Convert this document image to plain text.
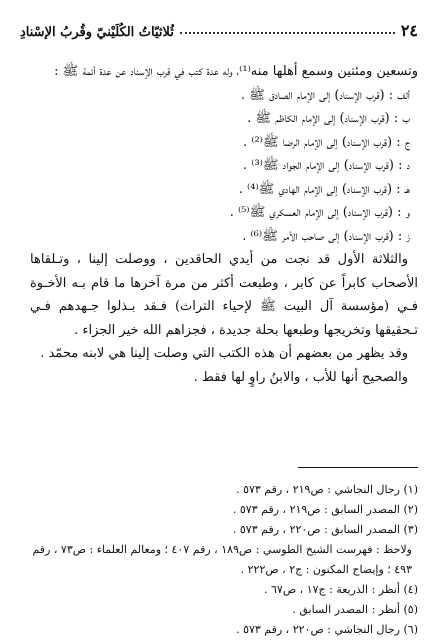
٢٤
ثُلاثيّاتُ الكُلَيْنيّ وقُربُ الإسْنادِ

وتسعين ومئتين وسمع أهلها منه⁽¹⁾، وله عدة كتب في قرب الإسناد عن عدة أئمة ﷺ :

ألف : (قرب الإسناد) إلى الإمام الصادق ﷺ .
ب : (قرب الإسناد) إلى الإمام الكاظم ﷺ .
ج : (قرب الإسناد) إلى الإمام الرضا ﷺ⁽²⁾ .
د : (قرب الإسناد) إلى الإمام الجواد ﷺ⁽³⁾ .
هـ : (قرب الإسناد) إلى الإمام الهادي ﷺ⁽⁴⁾ .
و : (قرب الإسناد) إلى الإمام العسكري ﷺ⁽⁵⁾ .
ز : (قرب الإسناد) إلى صاحب الأمر ﷺ⁽⁶⁾ .

والثلاثة الأول قد نجت من أيدي الحاقدين ، ووصلت إلينا ، وتـلقاها الأصحاب كابراً عن كابر ، وطبعت أكثر من مرة آخرها ما قام بـه الأخـوة فـي (مؤسسة آل البيت ﷺ لإحياء التراث) فـقد بـذلوا جـهدهم فـي تـحقيقها وتخريجها وطبعها بحلة جديدة ، فجزاهم الله خير الجزاء .

وقد يظهر من بعضهم أن هذه الكتب التي وصلت إلينا هي لابنه محمّد .

والصحيح أنها للأب ، والابنُ راوٍ لها فقط .

(١) رجال النجاشي : ص٢١٩ ، رقم ٥٧٣ .
(٢) المصدر السابق : ص٢١٩ ، رقم ٥٧٣ .
(٣) المصدر السابق : ص٢٢٠ ، رقم ٥٧٣ .
ولاحظ : فهرست الشيخ الطوسي : ص١٨٩ ، رقم ٤٠٧ ؛ ومعالم العلماء : ص٧٣ ، رقم ٤٩٣ ؛ وإيضاح المكنون : ج٢ ، ص٢٢٢ .
(٤) أنظر : الذريعة : ج١٧ ، ص٦٧ .
(٥) أنظر : المصدر السابق .
(٦) رجال النجاشي : ص٢٢٠ ، رقم ٥٧٣ .
